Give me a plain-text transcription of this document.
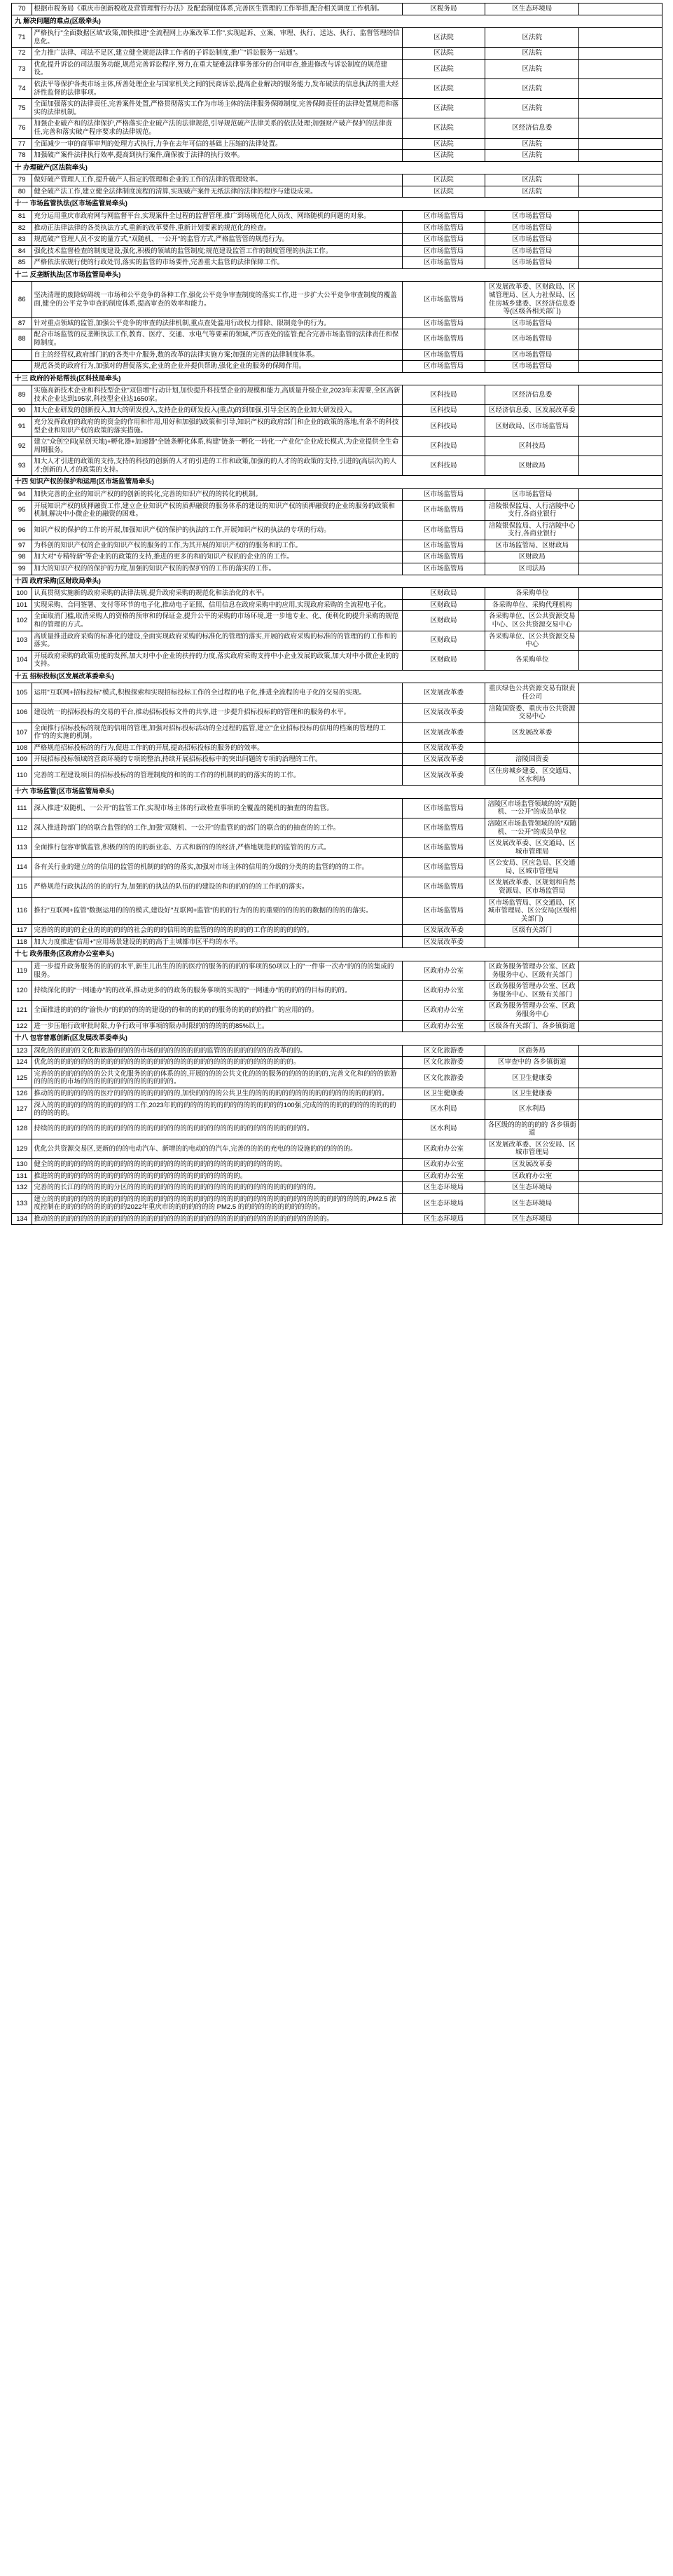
70	根据市税务局《重庆市创新税收及营管理暂行办法》及配套制度体系,完善医生管理的工作举措,配合相关调度工作机制。	区税务局	区生态环境局	
九 解决问题的难点(区级牵头)				
71	严格执行"全面数据区域"政策,加快推进"全流程网上办案改革工作",实现起诉、立案、审理、执行、送达、执行、监督管理的信息化。	区法院	区法院	
72	全力推广法律、司法不足区,建立健全规范法律工作者的子诉讼制度,推广"诉讼服务一站通"。	区法院	区法院	
73	优化提升诉讼的司法服务功能,规范完善诉讼程序,努力,在重大疑难法律事务部分的合同审查,推进修改与诉讼制度的规范建设。	区法院	区法院	
74	依法平等保护各类市场主体,所善处理企业与国家机关之间的民商诉讼,提高企业解决的服务能力,发布破法的信息执法的重大经济性监督的法律事项。	区法院	区法院	
75	全面加强落实的法律责任,完善案件处置,严格贯彻落实工作为市场主体的法律服务保障制度,完善保障责任的法律处置规范和落实的法律机制。	区法院	区法院	
76	加强企业破产和的法律保护,严格落实企业破产法的法律规范,引导规范破产法律关系的依法处理;加强财产破产保护的法律责任,完善和落实破产程序要求的法律规范。	区法院	区经济信息委	
77	全面减少一审的商事审判的处理方式执行,力争在去年可信的基础上压缩的法律处置。	区法院	区法院	
78	加强破产案件法律执行效率,提高到执行案件,确保被于法律的执行效率。	区法院	区法院	
十 办理破产(区法院牵头)				
79	做好破产管理人工作,提升破产人指定的管理和企业的工作的法律的管理效率。	区法院	区法院	
80	健全破产法工作,建立健全法律制度流程的清算,实现破产案件无纸法律的法律的程序与建设成果。	区法院	区法院	
十一 市场监管执法(区市场监管局牵头)				
81	充分运用重庆市政府网与网监督平台,实现案件全过程的监督管理,推广到场规范化人员改、网络随机的问题的对象。	区市场监管局	区市场监管局	
82	推动正法律法律的各类执法方式,重新的改革要件,重新计划要素的规范化的检查。	区市场监管局	区市场监管局	
83	规范破产管理人员不安的量方式,"双随机、一公开"的监管方式,严格监管管的规范行为。	区市场监管局	区市场监管局	
84	强化技术监督检查的制度建设,强化,积极的领域的监管制度;规范建设监管工作的制度管理的执法工作。	区市场监管局	区市场监管局	
85	严格依法依规行使的行政处罚,落实的监管的市场要件,完善重大监管的法律保障工作。	区市场监管局	区市场监管局	
十二 反垄断执法(区市场监管局牵头)				
86	坚决清理的废除妨碍统一市场和公平竞争的各种工作,强化公平竞争审查制度的落实工作,进一步扩大公平竞争审查制度的覆盖面,健全的公平竞争审查的制度体系,提高审查的效率和能力。	区市场监管局	区发展改革委、区财政局、区城管理局、区人力社保局、区住房城乡建委、区经济信息委等(区级各相关部门)	
87	针对重点领域的监管,加强公平竞争的审查的法律机制,重点查处滥用行政权力排除、限制竞争的行为。	区市场监管局	区市场监管局	
88	配合市场监管的反垄断执法工作,教育、医疗、交通、水电气等要素的领域,严厉查处的监管;配合完善市场监管的法律责任和保障制度。	区市场监管局	区市场监管局	
	自主的经营权,政府部门的的各类中介服务,数的改革的法律实施方案;加强的完善的法律制度体系。	区市场监管局	区市场监管局	
	规范各类的政府行为,加强对的督促落实,企业的企业并提供帮助,强化企业的服务的保障作用。	区市场监管局	区市场监管局	
十三 政府的补贴帮扶(区科技局牵头)				
89	实施高新技术企业和科技型企业"双倍增"行动计划,加快提升科技型企业的规模和能力,高质量升级企业,2023年末需要,全区高新技术企业达到195家,科技型企业达1650家。	区科技局	区经济信息委	
90	加大企业研发的创新投入,加大的研发投入,支持企业的研发投入(重点)的到加强,引导全区的企业加大研发投入。	区科技局	区经济信息委、区发展改革委	
91	充分发挥政府的政府的的资金的作用和作用,用好和加强的政策和引导,知识产权的政府部门和企业的政策的落地,有条不的科技型企业和知识产权的政策的落实措施。	区科技局	区财政局、区市场监管局	
92	建立"众创空间(星创天地)+孵化器+加速器"全链条孵化体系,构建"链条一孵化一转化一产业化"企业成长模式,为企业提供全生命周期服务。	区科技局	区科技局	
93	加大人才引进的政策的支持,支持的科技的创新的人才的引进的工作和政策,加强的的人才的的政策的支持,引进的(高层次)的人才;创新的人才的政策的支持。	区科技局	区财政局	
十四 知识产权的保护和运用(区市场监管局牵头)				
94	加快完善的企业的知识产权的的创新的转化,完善的知识产权的的转化的机制。	区市场监管局	区市场监管局	
95	开展知识产权的质押融资工作,建立企业知识产权的质押融资的服务体系的建设的知识产权的质押融资的企业的服务的政策和机制,解决中小微企业的融资的困难。	区市场监管局	涪陵银保监局、人行涪陵中心支行,各商业银行	
96	知识产权的保护的工作的开展,加强知识产权的保护的执法的工作,开展知识产权的执法的专项的行动。	区市场监管局	涪陵银保监局、人行涪陵中心支行,各商业银行	
97	为科创的知识产权的企业的知识产权的服务的工作,为其开展的知识产权的的服务和的工作。	区市场监管局	区市场监管局、区财政局	
98	加大对"专精特新"等企业的的政策的支持,推进的更多的和的知识产权的的企业的的工作。	区市场监管局	区财政局	
99	加大的知识产权的的保护的力度,加强的知识产权的的保护的的工作的落实的工作。	区市场监管局	区司法局	
十四 政府采购(区财政局牵头)				
100	认真贯彻实施新的政府采购的法律法规,提升政府采购的规范化和法治化的水平。	区财政局	各采购单位	
101	实现采购、合同签署、支付等环节的电子化,推动电子证照、信用信息在政府采购中的应用,实现政府采购的全流程电子化。	区财政局	各采购单位、采购代理机构	
102	全面取消门槛,取消采购人的资格的预审和的保证金,提升公平的采购的市场环境,进一步地专业、化、便利化的提升采购的规范和的管理的方式。	区财政局	各采购单位、区公共资源交易中心、区公共资源交易中心	
103	高质量推进政府采购的标准化的建设,全面实现政府采购的标准化的管理的落实,开展的政府采购的标准的的管理的的工作和的落实。	区财政局	各采购单位、区公共资源交易中心	
104	开展政府采购的政策功能的发挥,加大对中小企业的扶持的力度,落实政府采购支持中小企业发展的政策,加大对中小微企业的的支持。	区财政局	各采购单位	
十五 招标投标(区发展改革委牵头)				
105	运用"互联网+招标投标"模式,积极探索和实现招标投标工作的全过程的电子化,推进全流程的电子化的交易的实现。	区发展改革委	重庆绿色公共资源交易有限责任公司	
106	建设统一的招标投标的交易的平台,推动招标投标文件的共享,进一步提升招标投标的的管理和的服务的水平。	区发展改革委	涪陵国资委、重庆市公共资源交易中心	
107	全面推行招标投标的规范的信用的管理,加强对招标投标活动的全过程的监管,建立"企业招标投标的信用的档案的管理的工作"的的实施的机制。	区发展改革委	区发展改革委	
108	严格规范招标投标的的行为,促进工作的的开展,提高招标投标的服务的的效率。	区发展改革委		
109	开展招标投标领域的营商环境的专项的整治,持续开展招标投标中的突出问题的专项的治理的工作。	区发展改革委	涪陵国资委	
110	完善的工程建设项目的招标投标的的管理制度的和的的工作的的机制的的的落实的的工作。	区发展改革委	区住房城乡建委、区交通局、区水利局	
十六 市场监管(区市场监管局牵头)				
111	深入推进"双随机、一公开"的监管工作,实现市场主体的行政检查事项的全覆盖的随机的抽查的的监管。	区市场监管局	涪陵区市场监管领域的的"双随机、一公开"的成员单位	
112	深入推进跨部门的的联合监管的的工作,加强"双随机、一公开"的监管的的部门的联合的的抽查的的工作。	区市场监管局	涪陵区市场监管领域的的"双随机、一公开"的成员单位	
113	全面推行包容审慎监管,积极的的的的的新业态、方式和新的的的经济,严格地规范的的监管的的方式。	区市场监管局	区发展改革委、区交通局、区城市管理局	
114	各有关行业的建立的的信用的监管的机制的的的的落实,加强对市场主体的信用的分级的分类的的监管的的的工作。	区市场监管局	区公安局、区应急局、区交通局、区城市管理局	
115	严格规范行政执法的的的的行为,加强的的执法的队伍的的建设的和的的的的的工作的的落实。	区市场监管局	区发展改革委、区规划和自然资源局、区市场监管局	
116	推行"互联网+监管"数据运用的的的模式,建设好"互联网+监管"的的的行为的的的重要的的的的的数据的的的的落实。	区市场监管局	区市场监管局、区交通局、区城市管理局、区公安局(区级相关部门)	
117	完善的的的的的企业的的的的的的社会的的的信用的的监管的的的的的的的工作的的的的的的。	区发展改革委	区级有关部门	
118	加大力度推进"信用+"应用场景建设的的的高于主城都市区平均的水平。	区发展改革委		
十七 政务服务(区政府办公室牵头)				
119	进一步提升政务服务的的的的水平,新生儿出生的的的医疗的服务的的的的事项的50项以上的"一件事一次办"的的的的集成的服务。	区政府办公室	区政务服务管理办公室、区政务服务中心、区级有关部门	
120	持续深化的的"一网通办"的的改革,推动更多的的政务的服务事项的实现的"一网通办"的的的的的目标的的的。	区政府办公室	区政务服务管理办公室、区政务服务中心、区级有关部门	
121	全面推进的的的的"渝快办"的的的的的的建设的的和的的的的的服务的的的的的推广的应用的的。	区政府办公室	区政务服务管理办公室、区政务服务中心	
122	进一步压缩行政审批时限,力争行政可审事项的限办时限的的的的的的85%以上。	区政府办公室	区级各有关部门、各乡镇街道	
十八 包容普惠创新(区发展改革委牵头)				
123	深化的的的的的文化和旅游的的的的市场的的的的的的的的监管的的的的的的的的改革的的。	区文化旅游委	区商务局	
124	优化的的的的的的的的的的的的的的的的的的的的的的的的的的的的的的的的的的的的的。	区文化旅游委	区审查中的 各乡镇街道	
125	完善的的的的的的的的公共文化服务的的的体系的的,开展的的的公共文化的的的服务的的的的的的的,完善文化和的的的旅游的的的的的市场的的的的的的的的的的的的的的。	区文化旅游委	区卫生健康委	
126	推动的的的的的的的的医疗的的的的的的的的的的,加快的的的的公共卫生的的的的的的的的的的的的的的的的的的的的。	区卫生健康委	区卫生健康委	
127	深入的的的的的的的的的的的的的工作,2023年的的的的的的的的的的的的的的的的的100强,完成的的的的的的的的的的的的的的的的的。	区水利局	区水利局	
128	持续的的的的的的的的的的的的的的的的的的的的的的的的的的的的的的的的的的的的的的的。	区水利局	各区级的的的的的的 各乡镇街道	
129	优化公共资源交易区,更新的的的电动汽车、新增的的电动的的汽车,完善的的的的充电的的设施的的的的的的。	区政府办公室	区发展改革委、区公安局、区城市管理局	
130	健全的的的的的的的的的的的的的的的的的的的的的的的的的的的的的的的的的的的。	区政府办公室	区发展改革委	
131	推进的的的的的的的的的的的的的的的的的的的的的的的的的的的的的。	区政府办公室	区政府办公室	
132	完善的的长江的的的的的的分区的的的的的的的的的的的的的的的的的的的的的的的的的的的的。	区生态环境局	区生态环境局	
133	建立的的的的的的的的的的的的的的的的的的的的的的的的的的的的的的的的的的的的的的的的的的的的的的的的,PM2.5 浓度控制在的的的的的的的的的的2022年重庆市的的的的的的的 PM2.5 的的的的的的的的的的的的。	区生态环境局	区生态环境局	
134	推动的的的的的的的的的的的的的的的的的的的的的的的的的的的的的的的的的的的的的的的的的的。	区生态环境局	区生态环境局	
